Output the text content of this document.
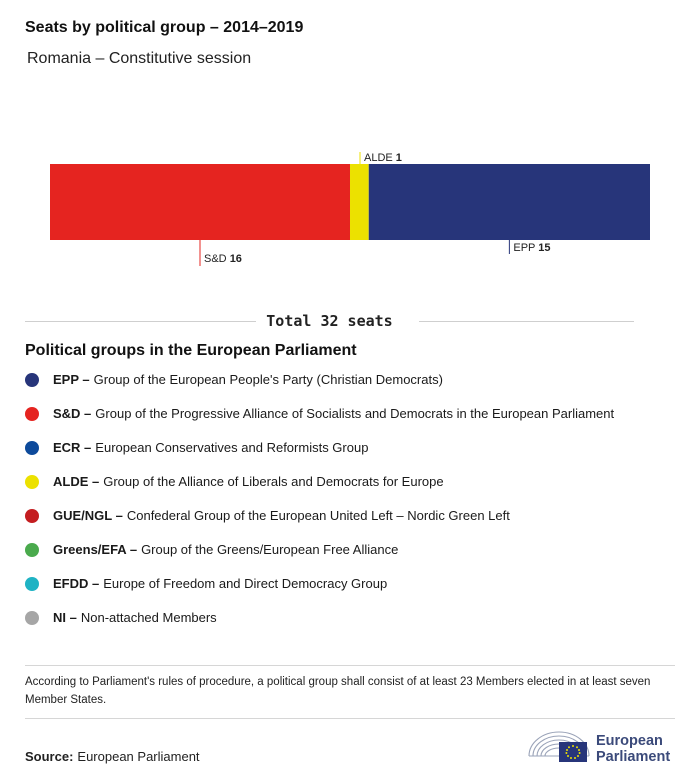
Seats by political group – 2014–2019
Romania – Constitutive session
S&D 16
ALDE 1
EPP 15
Total 32 seats
Political groups in the European Parliament
EPP – Group of the European People's Party (Christian Democrats)
S&D – Group of the Progressive Alliance of Socialists and Democrats in the European Parliament
ECR – European Conservatives and Reformists Group
ALDE – Group of the Alliance of Liberals and Democrats for Europe
GUE/NGL – Confederal Group of the European United Left – Nordic Green Left
Greens/EFA – Group of the Greens/European Free Alliance
EFDD – Europe of Freedom and Direct Democracy Group
NI – Non-attached Members
According to Parliament's rules of procedure, a political group shall consist of at least 23 Members elected in at least seven Member States.
Source: European Parliament
European
Parliament
